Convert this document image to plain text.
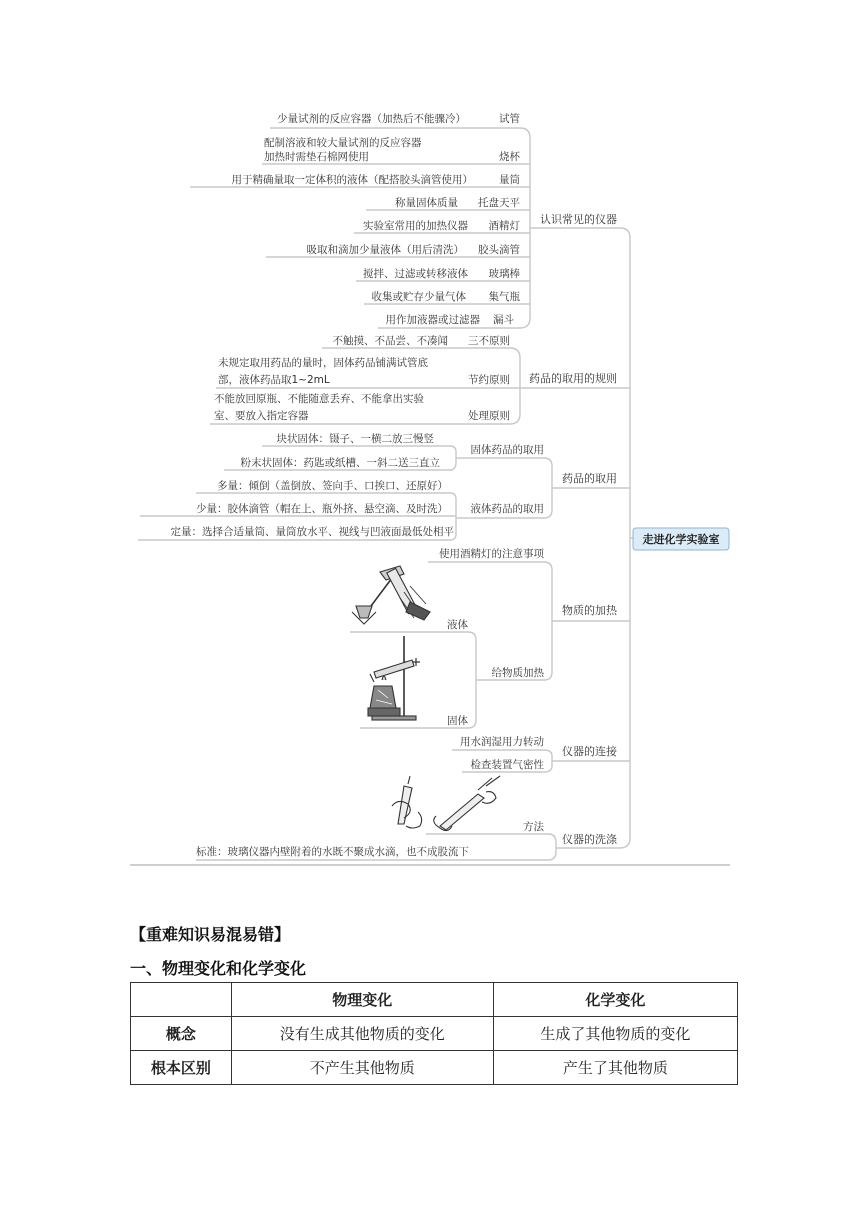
走进化学实验室
认识常见的仪器
药品的取用的规则
药品的取用
物质的加热
仪器的连接
仪器的洗涤
少量试剂的反应容器（加热后不能骤冷）	试管
配制溶液和较大量试剂的反应容器
加热时需垫石棉网使用	烧杯
用于精确量取一定体积的液体（配搭胶头滴管使用） 量筒
称量固体质量 托盘天平
实验室常用的加热仪器 酒精灯
吸取和滴加少量液体（用后清洗） 胶头滴管
搅拌、过滤或转移液体 玻璃棒
收集或贮存少量气体 集气瓶
用作加液器或过滤器 漏斗
不触摸、不品尝、不凑闻 三不原则
未规定取用药品的量时，固体药品铺满试管底
部，液体药品取1~2mL	节约原则
不能放回原瓶、不能随意丢弃、不能拿出实验
室、要放入指定容器	处理原则
块状固体：镊子、一横二放三慢竖
固体药品的取用
粉末状固体：药匙或纸槽、一斜二送三直立
多量：倾倒（盖倒放、签向手、口挨口、还原好）
少量：胶体滴管（帽在上、瓶外挤、悬空滴、及时洗） 液体药品的取用
定量：选择合适量筒、量筒放水平、视线与凹液面最低处相平
使用酒精灯的注意事项
给物质加热
液体
固体
用水润湿用力转动
检查装置气密性
方法
标准：玻璃仪器内壁附着的水既不聚成水滴，也不成股流下
【重难知识易混易错】
一、物理变化和化学变化
	物理变化	化学变化
概念	没有生成其他物质的变化	生成了其他物质的变化
根本区别	不产生其他物质	产生了其他物质
